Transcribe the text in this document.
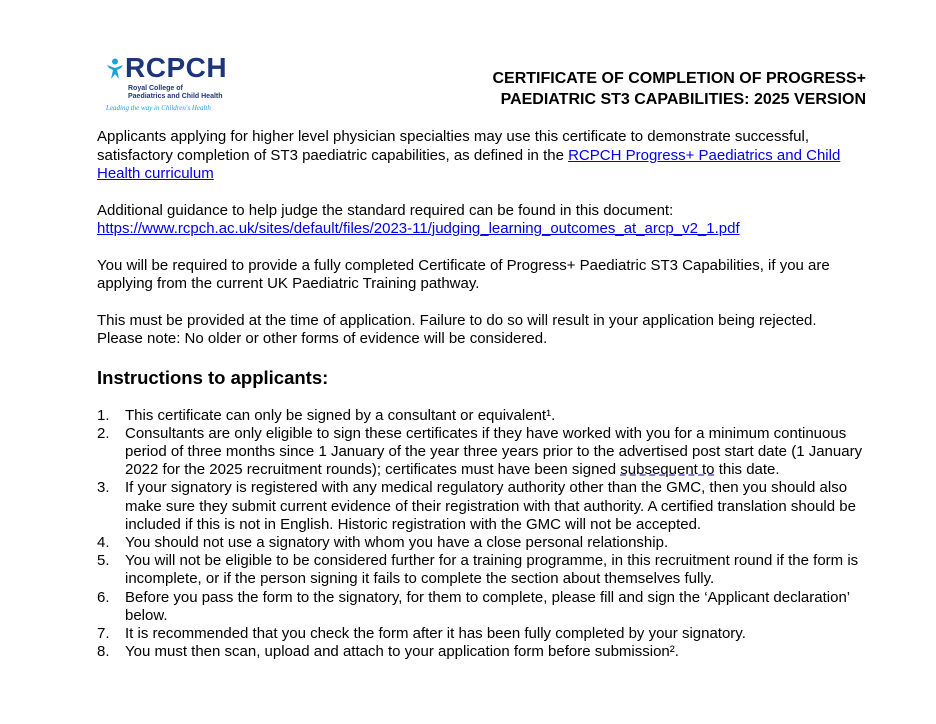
RCPCH
Royal College of
Paediatrics and Child Health
Leading the way in Children's Health
CERTIFICATE OF COMPLETION OF PROGRESS+
PAEDIATRIC ST3 CAPABILITIES: 2025 VERSION

Applicants applying for higher level physician specialties may use this certificate to demonstrate successful, satisfactory completion of ST3 paediatric capabilities, as defined in the RCPCH Progress+ Paediatrics and Child Health curriculum

Additional guidance to help judge the standard required can be found in this document:
https://www.rcpch.ac.uk/sites/default/files/2023-11/judging_learning_outcomes_at_arcp_v2_1.pdf

You will be required to provide a fully completed Certificate of Progress+ Paediatric ST3 Capabilities, if you are applying from the current UK Paediatric Training pathway.

This must be provided at the time of application. Failure to do so will result in your application being rejected.
Please note: No older or other forms of evidence will be considered.

Instructions to applicants:
1. This certificate can only be signed by a consultant or equivalent¹.
2. Consultants are only eligible to sign these certificates if they have worked with you for a minimum continuous period of three months since 1 January of the year three years prior to the advertised post start date (1 January 2022 for the 2025 recruitment rounds); certificates must have been signed subsequent to this date.
3. If your signatory is registered with any medical regulatory authority other than the GMC, then you should also make sure they submit current evidence of their registration with that authority. A certified translation should be included if this is not in English. Historic registration with the GMC will not be accepted.
4. You should not use a signatory with whom you have a close personal relationship.
5. You will not be eligible to be considered further for a training programme, in this recruitment round if the form is incomplete, or if the person signing it fails to complete the section about themselves fully.
6. Before you pass the form to the signatory, for them to complete, please fill and sign the ‘Applicant declaration’ below.
7. It is recommended that you check the form after it has been fully completed by your signatory.
8. You must then scan, upload and attach to your application form before submission².
